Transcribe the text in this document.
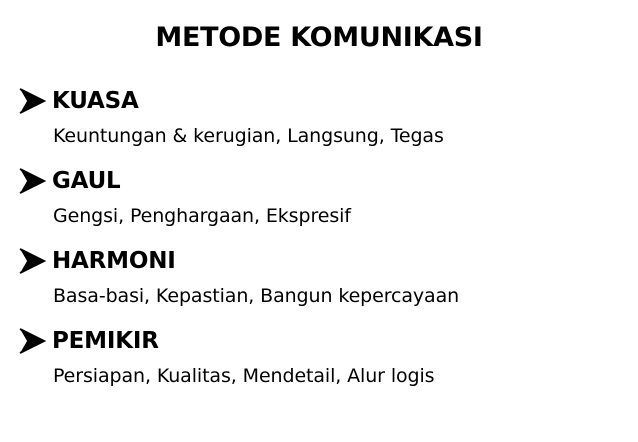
METODE KOMUNIKASI
KUASA
Keuntungan & kerugian, Langsung, Tegas
GAUL
Gengsi, Penghargaan, Ekspresif
HARMONI
Basa-basi, Kepastian, Bangun kepercayaan
PEMIKIR
Persiapan, Kualitas, Mendetail, Alur logis
